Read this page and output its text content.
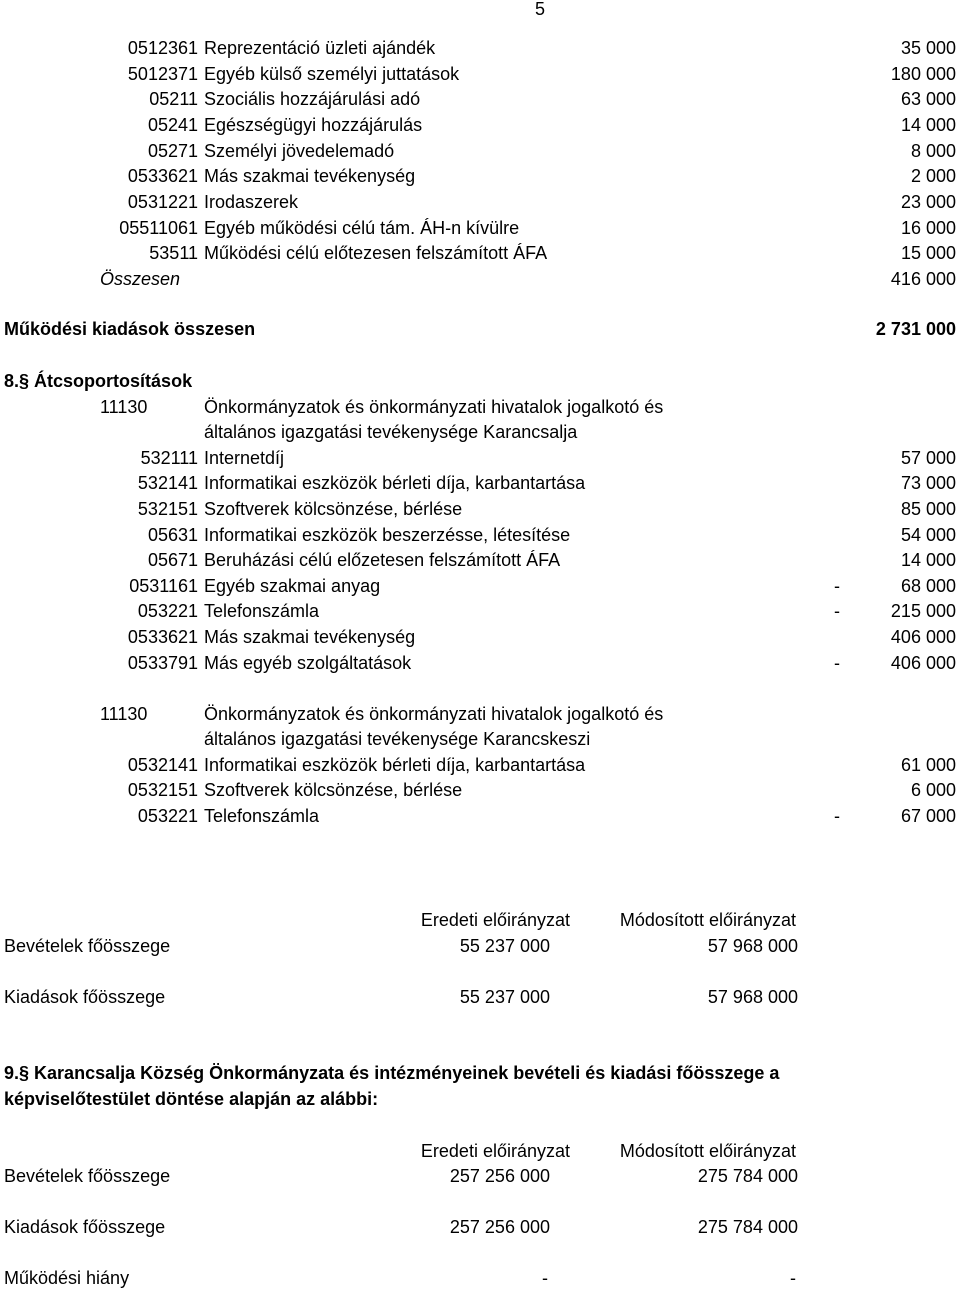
5
0512361 Reprezentáció üzleti ajándék	35 000
5012371 Egyéb külső személyi juttatások	180 000
05211 Szociális hozzájárulási adó	63 000
05241 Egészségügyi hozzájárulás	14 000
05271 Személyi jövedelemadó	8 000
0533621 Más szakmai tevékenység	2 000
0531221 Irodaszerek	23 000
05511061 Egyéb működési célú tám. ÁH-n kívülre	16 000
53511 Működési célú előtezesen felszámított ÁFA	15 000
Összesen	416 000
Működési kiadások összesen	2 731 000
8.§ Átcsoportosítások
11130	Önkormányzatok és önkormányzati hivatalok jogalkotó és
általános igazgatási tevékenysége Karancsalja
532111 Internetdíj	57 000
532141 Informatikai eszközök bérleti díja, karbantartása	73 000
532151 Szoftverek kölcsönzése, bérlése	85 000
05631 Informatikai eszközök beszerzésse, létesítése	54 000
05671 Beruházási célú előzetesen felszámított ÁFA	14 000
0531161 Egyéb szakmai anyag	-	68 000
053221 Telefonszámla	-	215 000
0533621 Más szakmai tevékenység	406 000
0533791 Más egyéb szolgáltatások	-	406 000
11130	Önkormányzatok és önkormányzati hivatalok jogalkotó és
általános igazgatási tevékenysége Karancskeszi
0532141 Informatikai eszközök bérleti díja, karbantartása	61 000
0532151 Szoftverek kölcsönzése, bérlése	6 000
053221 Telefonszámla	-	67 000
Eredeti előirányzat	Módosított előirányzat
Bevételek főösszege	55 237 000	57 968 000
Kiadások főösszege	55 237 000	57 968 000
9.§ Karancsalja Község Önkormányzata és intézményeinek bevételi és kiadási főösszege a
képviselőtestület döntése alapján az alábbi:
Eredeti előirányzat	Módosított előirányzat
Bevételek főösszege	257 256 000	275 784 000
Kiadások főösszege	257 256 000	275 784 000
Működési hiány	-	-
